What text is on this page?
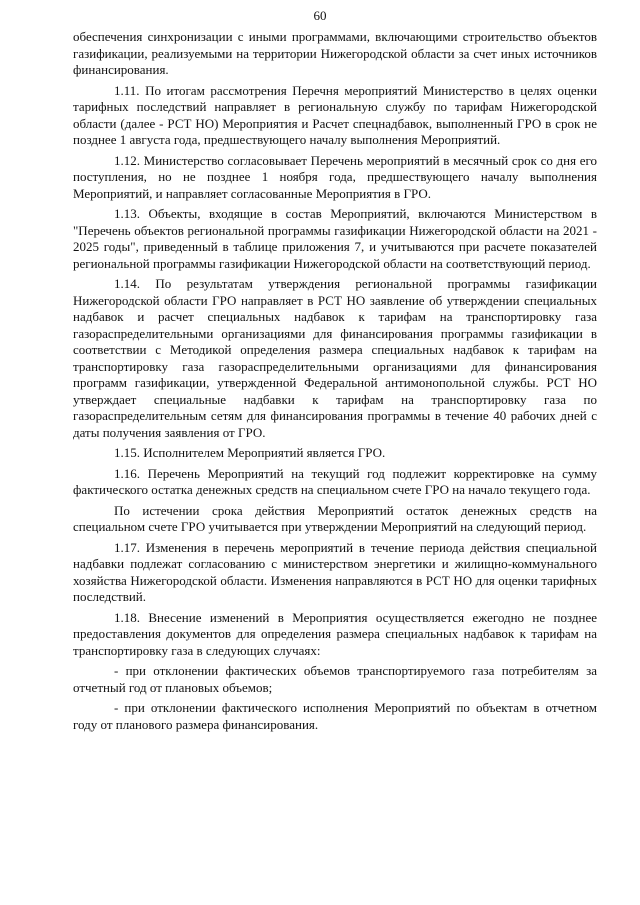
60

обеспечения синхронизации с иными программами, включающими строительство объектов газификации, реализуемыми на территории Нижегородской области за счет иных источников финансирования.

1.11. По итогам рассмотрения Перечня мероприятий Министерство в целях оценки тарифных последствий направляет в региональную службу по тарифам Нижегородской области (далее - РСТ НО) Мероприятия и Расчет спецнадбавок, выполненный ГРО в срок не позднее 1 августа года, предшествующего началу выполнения Мероприятий.

1.12. Министерство согласовывает Перечень мероприятий в месячный срок со дня его поступления, но не позднее 1 ноября года, предшествующего началу выполнения Мероприятий, и направляет согласованные Мероприятия в ГРО.

1.13. Объекты, входящие в состав Мероприятий, включаются Министерством в "Перечень объектов региональной программы газификации Нижегородской области на 2021 - 2025 годы", приведенный в таблице приложения 7, и учитываются при расчете показателей региональной программы газификации Нижегородской области на соответствующий период.

1.14. По результатам утверждения региональной программы газификации Нижегородской области ГРО направляет в РСТ НО заявление об утверждении специальных надбавок и расчет специальных надбавок к тарифам на транспортировку газа газораспределительными организациями для финансирования программы газификации в соответствии с Методикой определения размера специальных надбавок к тарифам на транспортировку газа газораспределительными организациями для финансирования программ газификации, утвержденной Федеральной антимонопольной службы. РСТ НО утверждает специальные надбавки к тарифам на транспортировку газа по газораспределительным сетям для финансирования программы в течение 40 рабочих дней с даты получения заявления от ГРО.

1.15. Исполнителем Мероприятий является ГРО.

1.16. Перечень Мероприятий на текущий год подлежит корректировке на сумму фактического остатка денежных средств на специальном счете ГРО на начало текущего года.

По истечении срока действия Мероприятий остаток денежных средств на специальном счете ГРО учитывается при утверждении Мероприятий на следующий период.

1.17. Изменения в перечень мероприятий в течение периода действия специальной надбавки подлежат согласованию с министерством энергетики и жилищно-коммунального хозяйства Нижегородской области. Изменения направляются в РСТ НО для оценки тарифных последствий.

1.18. Внесение изменений в Мероприятия осуществляется ежегодно не позднее предоставления документов для определения размера специальных надбавок к тарифам на транспортировку газа в следующих случаях:

- при отклонении фактических объемов транспортируемого газа потребителям за отчетный год от плановых объемов;

- при отклонении фактического исполнения Мероприятий по объектам в отчетном году от планового размера финансирования.
